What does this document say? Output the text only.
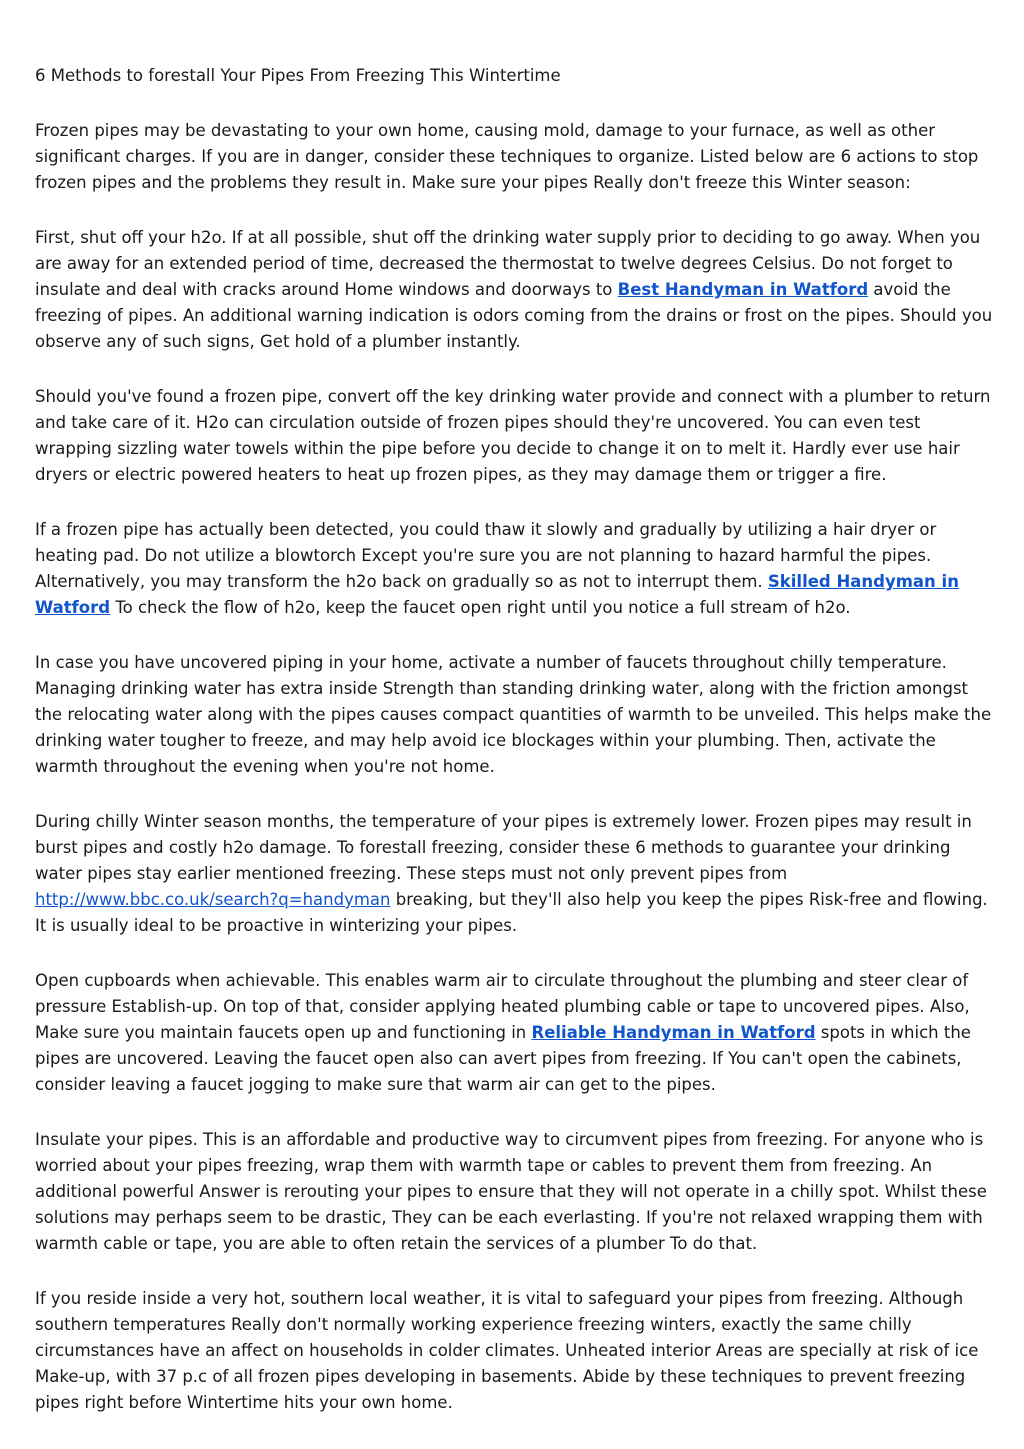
6 Methods to forestall Your Pipes From Freezing This Wintertime

Frozen pipes may be devastating to your own home, causing mold, damage to your furnace, as well as other significant charges. If you are in danger, consider these techniques to organize. Listed below are 6 actions to stop frozen pipes and the problems they result in. Make sure your pipes Really don't freeze this Winter season:

First, shut off your h2o. If at all possible, shut off the drinking water supply prior to deciding to go away. When you are away for an extended period of time, decreased the thermostat to twelve degrees Celsius. Do not forget to insulate and deal with cracks around Home windows and doorways to Best Handyman in Watford avoid the freezing of pipes. An additional warning indication is odors coming from the drains or frost on the pipes. Should you observe any of such signs, Get hold of a plumber instantly.

Should you've found a frozen pipe, convert off the key drinking water provide and connect with a plumber to return and take care of it. H2o can circulation outside of frozen pipes should they're uncovered. You can even test wrapping sizzling water towels within the pipe before you decide to change it on to melt it. Hardly ever use hair dryers or electric powered heaters to heat up frozen pipes, as they may damage them or trigger a fire.

If a frozen pipe has actually been detected, you could thaw it slowly and gradually by utilizing a hair dryer or heating pad. Do not utilize a blowtorch Except you're sure you are not planning to hazard harmful the pipes. Alternatively, you may transform the h2o back on gradually so as not to interrupt them. Skilled Handyman in Watford To check the flow of h2o, keep the faucet open right until you notice a full stream of h2o.

In case you have uncovered piping in your home, activate a number of faucets throughout chilly temperature. Managing drinking water has extra inside Strength than standing drinking water, along with the friction amongst the relocating water along with the pipes causes compact quantities of warmth to be unveiled. This helps make the drinking water tougher to freeze, and may help avoid ice blockages within your plumbing. Then, activate the warmth throughout the evening when you're not home.

During chilly Winter season months, the temperature of your pipes is extremely lower. Frozen pipes may result in burst pipes and costly h2o damage. To forestall freezing, consider these 6 methods to guarantee your drinking water pipes stay earlier mentioned freezing. These steps must not only prevent pipes from http://www.bbc.co.uk/search?q=handyman breaking, but they'll also help you keep the pipes Risk-free and flowing. It is usually ideal to be proactive in winterizing your pipes.

Open cupboards when achievable. This enables warm air to circulate throughout the plumbing and steer clear of pressure Establish-up. On top of that, consider applying heated plumbing cable or tape to uncovered pipes. Also, Make sure you maintain faucets open up and functioning in Reliable Handyman in Watford spots in which the pipes are uncovered. Leaving the faucet open also can avert pipes from freezing. If You can't open the cabinets, consider leaving a faucet jogging to make sure that warm air can get to the pipes.

Insulate your pipes. This is an affordable and productive way to circumvent pipes from freezing. For anyone who is worried about your pipes freezing, wrap them with warmth tape or cables to prevent them from freezing. An additional powerful Answer is rerouting your pipes to ensure that they will not operate in a chilly spot. Whilst these solutions may perhaps seem to be drastic, They can be each everlasting. If you're not relaxed wrapping them with warmth cable or tape, you are able to often retain the services of a plumber To do that.

If you reside inside a very hot, southern local weather, it is vital to safeguard your pipes from freezing. Although southern temperatures Really don't normally working experience freezing winters, exactly the same chilly circumstances have an affect on households in colder climates. Unheated interior Areas are specially at risk of ice Make-up, with 37 p.c of all frozen pipes developing in basements. Abide by these techniques to prevent freezing pipes right before Wintertime hits your own home.
